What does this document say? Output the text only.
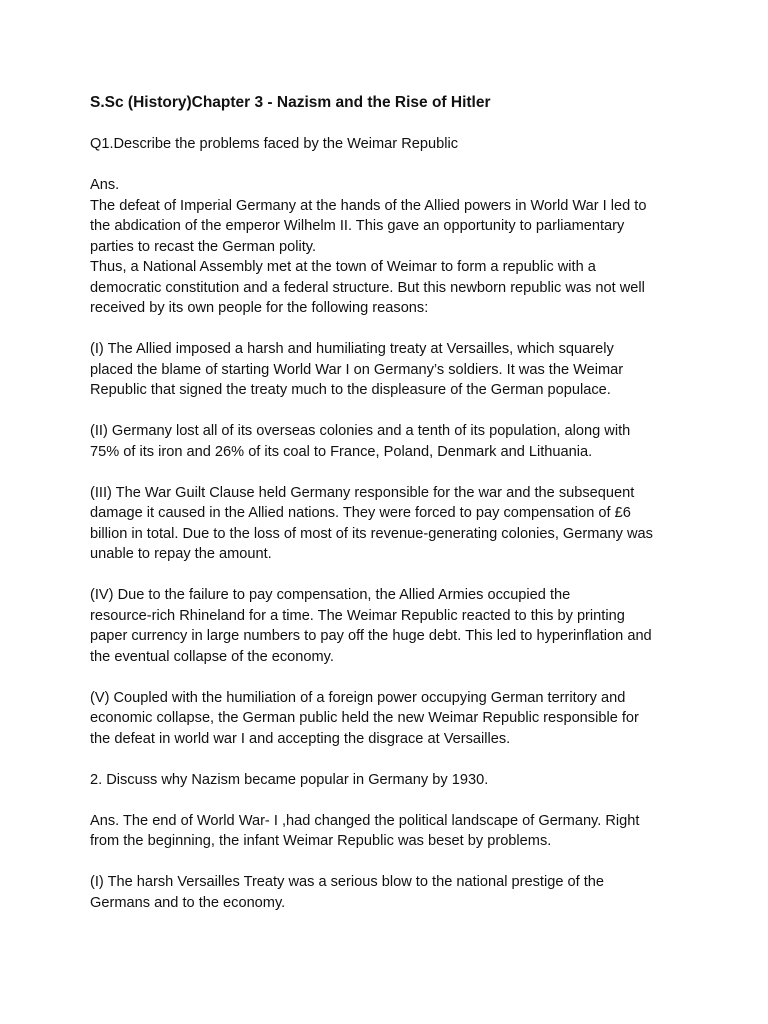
S.Sc (History)Chapter 3 - Nazism and the Rise of Hitler

Q1.Describe the problems faced by the Weimar Republic

Ans.

The defeat of Imperial Germany at the hands of the Allied powers in World War I led to

the abdication of the emperor Wilhelm II. This gave an opportunity to parliamentary

parties to recast the German polity.

Thus, a National Assembly met at the town of Weimar to form a republic with a

democratic constitution and a federal structure. But this newborn republic was not well

received by its own people for the following reasons:

(I) The Allied imposed a harsh and humiliating treaty at Versailles, which squarely

placed the blame of starting World War I on Germany’s soldiers. It was the Weimar

Republic that signed the treaty much to the displeasure of the German populace.

(II) Germany lost all of its overseas colonies and a tenth of its population, along with

75% of its iron and 26% of its coal to France, Poland, Denmark and Lithuania.

(III) The War Guilt Clause held Germany responsible for the war and the subsequent

damage it caused in the Allied nations. They were forced to pay compensation of £6

billion in total. Due to the loss of most of its revenue-generating colonies, Germany was

unable to repay the amount.

(IV) Due to the failure to pay compensation, the Allied Armies occupied the

resource-rich Rhineland for a time. The Weimar Republic reacted to this by printing

paper currency in large numbers to pay off the huge debt. This led to hyperinflation and

the eventual collapse of the economy.

(V) Coupled with the humiliation of a foreign power occupying German territory and

economic collapse, the German public held the new Weimar Republic responsible for

the defeat in world war I and accepting the disgrace at Versailles.

2. Discuss why Nazism became popular in Germany by 1930.

Ans. The end of World War- I ,had changed the political landscape of Germany. Right

from the beginning, the infant Weimar Republic was beset by problems.

(I) The harsh Versailles Treaty was a serious blow to the national prestige of the

Germans and to the economy.
